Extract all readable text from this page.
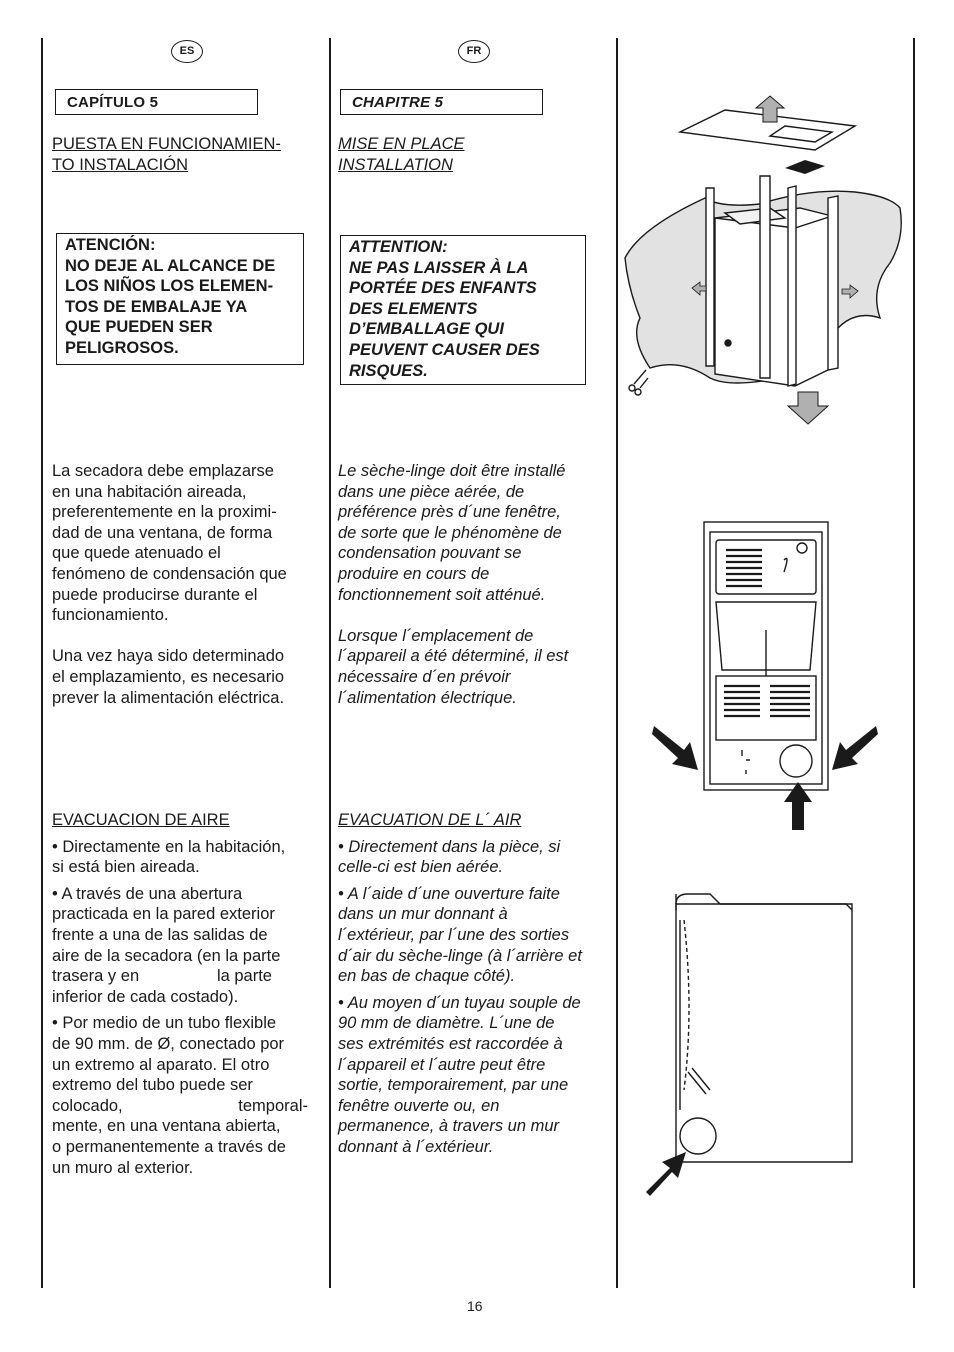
ES	FR
CAPÍTULO 5	CHAPITRE 5
PUESTA EN FUNCIONAMIEN-
TO INSTALACIÓN
ATENCIÓN:
NO DEJE AL ALCANCE DE
LOS NIÑOS LOS ELEMEN-
TOS DE EMBALAJE YA
QUE PUEDEN SER
PELIGROSOS.
La secadora debe emplazarse
en una habitación aireada,
preferentemente en la proximi-
dad de una ventana, de forma
que quede atenuado el
fenómeno de condensación que
puede producirse durante el
funcionamiento.
Una vez haya sido determinado
el emplazamiento, es necesario
prever la alimentación eléctrica.
EVACUACION DE AIRE
• Directamente en la habitación,
si está bien aireada.
• A través de una abertura
practicada en la pared exterior
frente a una de las salidas de
aire de la secadora (en la parte
trasera y en	la parte
inferior de cada costado).
• Por medio de un tubo flexible
de 90 mm. de Ø, conectado por
un extremo al aparato. El otro
extremo del tubo puede ser
colocado,	temporal-
mente, en una ventana abierta,
o permanentemente a través de
un muro al exterior.
MISE EN PLACE
INSTALLATION
ATTENTION:
NE PAS LAISSER À LA
PORTÉE DES ENFANTS
DES ELEMENTS
D’EMBALLAGE QUI
PEUVENT CAUSER DES
RISQUES.
Le sèche-linge doit être installé
dans une pièce aérée, de
préférence près d´une fenêtre,
de sorte que le phénomène de
condensation pouvant se
produire en cours de
fonctionnement soit atténué.
Lorsque l´emplacement de
l´appareil a été déterminé, il est
nécessaire d´en prévoir
l´alimentation électrique.
EVACUATION DE L´ AIR
• Directement dans la pièce, si
celle-ci est bien aérée.
• A l´aide d´une ouverture faite
dans un mur donnant à
l´extérieur, par l´une des sorties
d´air du sèche-linge (à l´arrière et
en bas de chaque côté).
• Au moyen d´un tuyau souple de
90 mm de diamètre. L´une de
ses extrémités est raccordée à
l´appareil et l´autre peut être
sortie, temporairement, par une
fenêtre ouverte ou, en
permanence, à travers un mur
donnant à l´extérieur.
16
